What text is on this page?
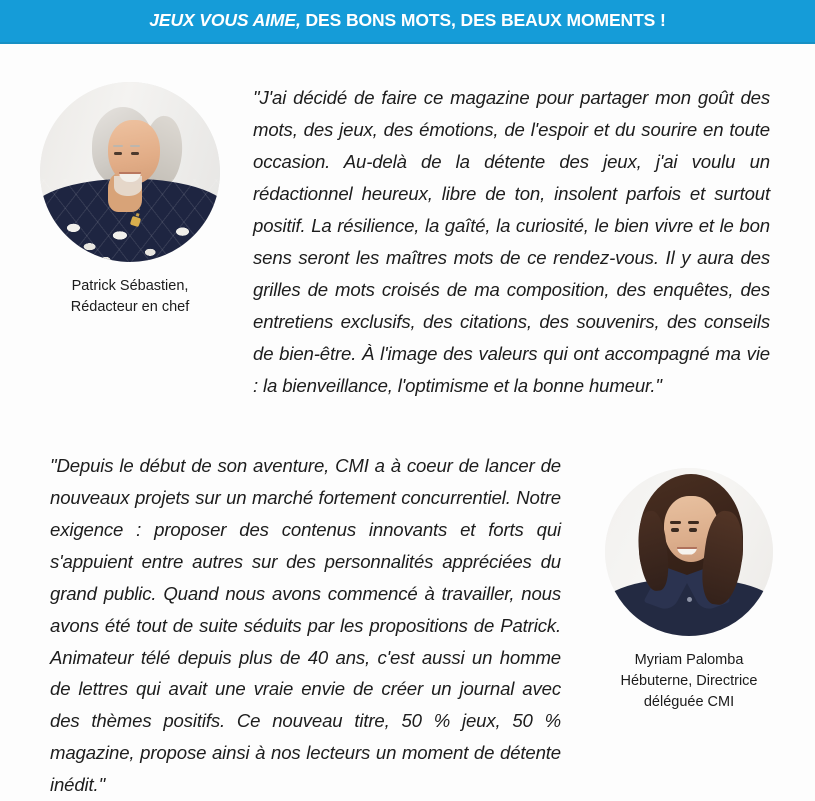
JEUX VOUS AIME, DES BONS MOTS, DES BEAUX MOMENTS !
Patrick Sébastien,
Rédacteur en chef
"J'ai décidé de faire ce magazine pour partager mon goût des mots, des jeux, des émotions, de l'espoir et du sourire en toute occasion. Au-delà de la détente des jeux, j'ai voulu un rédactionnel heureux, libre de ton, insolent parfois et surtout positif. La résilience, la gaîté, la curiosité, le bien vivre et le bon sens seront les maîtres mots de ce rendez-vous. Il y aura des grilles de mots croisés de ma composition, des enquêtes, des entretiens exclusifs, des citations, des souvenirs, des conseils de bien-être. À l'image des valeurs qui ont accompagné ma vie : la bienveillance, l'optimisme et la bonne humeur."
"Depuis le début de son aventure, CMI a à coeur de lancer de nouveaux projets sur un marché fortement concurrentiel. Notre exigence : proposer des contenus innovants et forts qui s'appuient entre autres sur des personnalités appréciées du grand public. Quand nous avons commencé à travailler, nous avons été tout de suite séduits par les propositions de Patrick. Animateur télé depuis plus de 40 ans, c'est aussi un homme de lettres qui avait une vraie envie de créer un journal avec des thèmes positifs. Ce nouveau titre, 50 % jeux, 50 % magazine, propose ainsi à nos lecteurs un moment de détente inédit."
Myriam Palomba
Hébuterne, Directrice
déléguée CMI
